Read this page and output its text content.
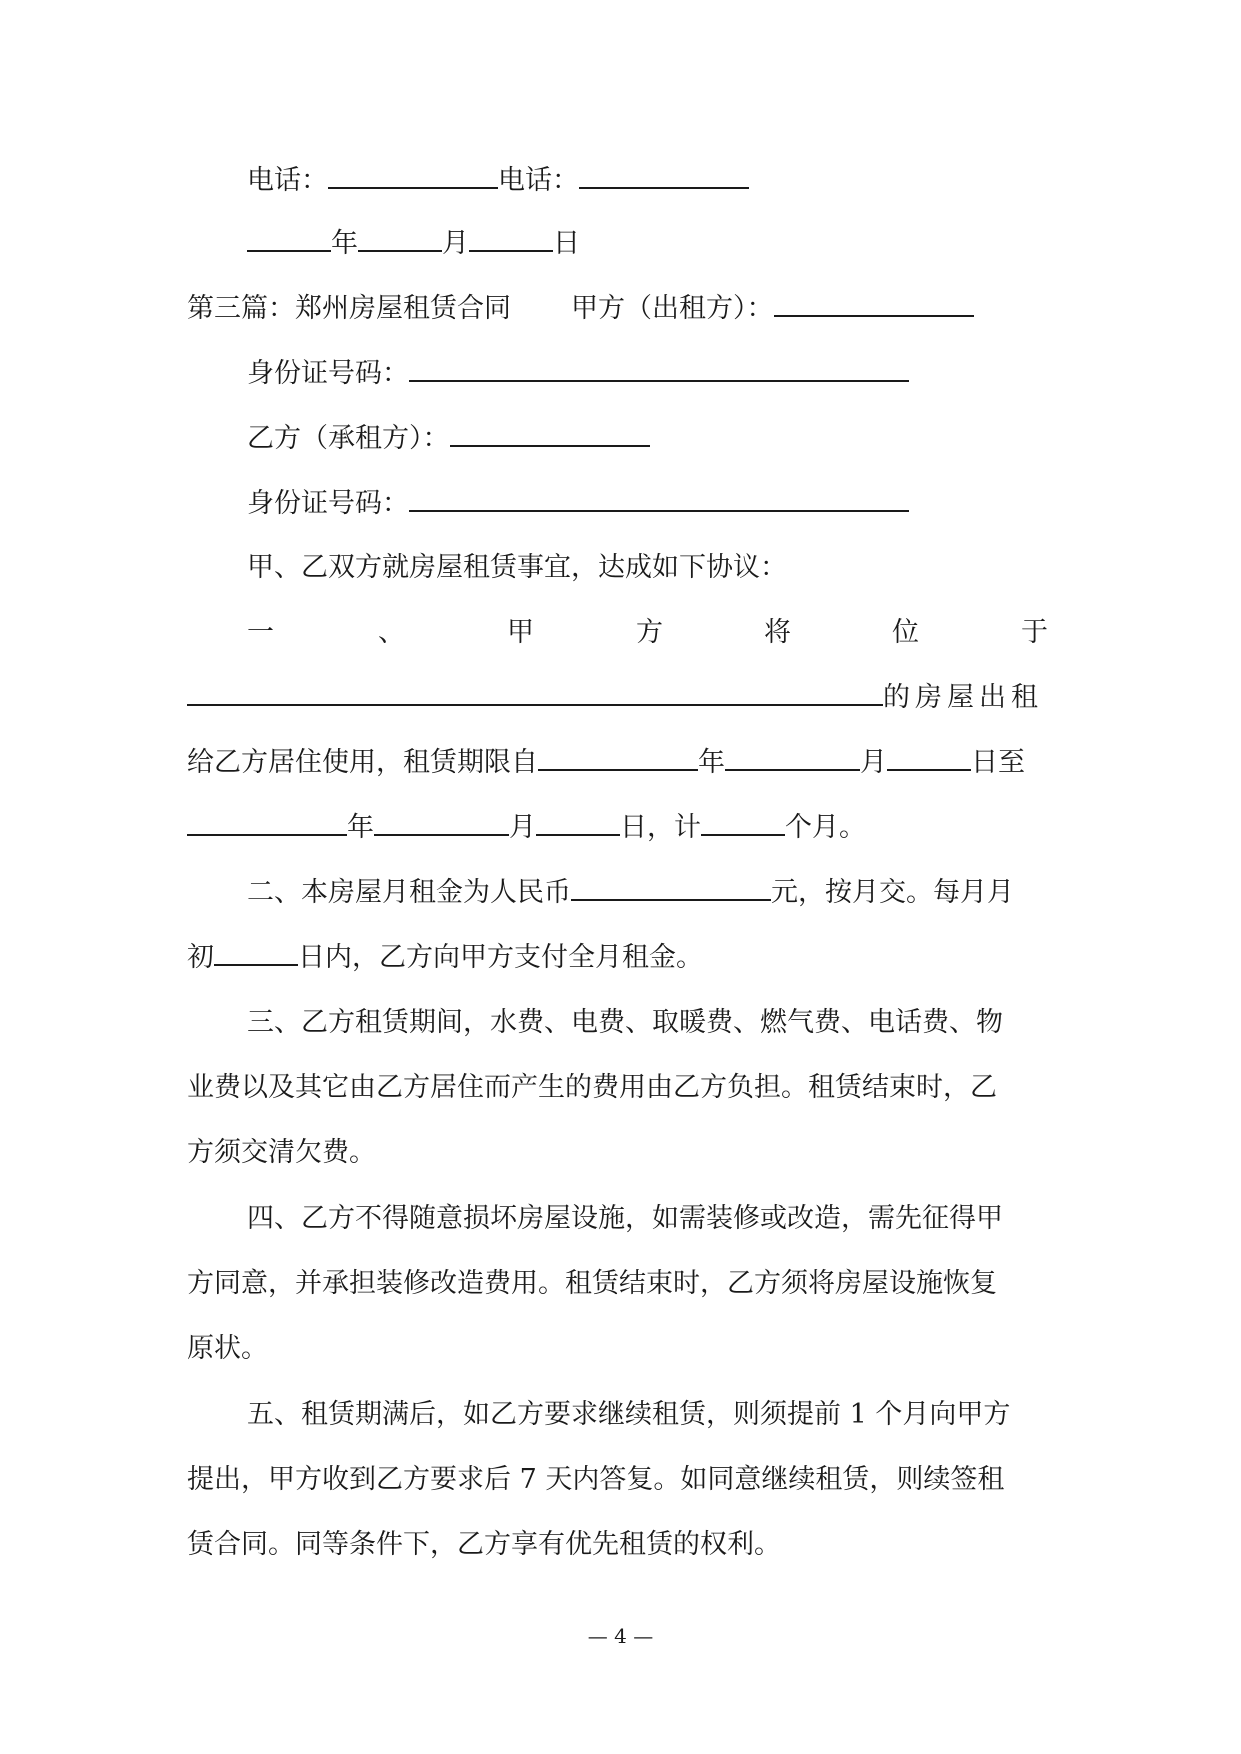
电话：	电话：
年	月	日
第三篇：郑州房屋租赁合同 甲方（出租方）：
身份证号码：
乙方（承租方）：
身份证号码：
甲、乙双方就房屋租赁事宜，达成如下协议：
一	、	甲	方	将	位	于
的房屋出租
给乙方居住使用，租赁期限自	年	月	日至
年	月	日，计	个月。
二、本房屋月租金为人民币	元，按月交。每月月
初	日内，乙方向甲方支付全月租金。
三、乙方租赁期间，水费、电费、取暖费、燃气费、电话费、物
业费以及其它由乙方居住而产生的费用由乙方负担。租赁结束时，乙
方须交清欠费。
四、乙方不得随意损坏房屋设施，如需装修或改造，需先征得甲
方同意，并承担装修改造费用。租赁结束时，乙方须将房屋设施恢复
原状。
五、租赁期满后，如乙方要求继续租赁，则须提前 1 个月向甲方
提出，甲方收到乙方要求后 7 天内答复。如同意继续租赁，则续签租
赁合同。同等条件下，乙方享有优先租赁的权利。
— 4 —
